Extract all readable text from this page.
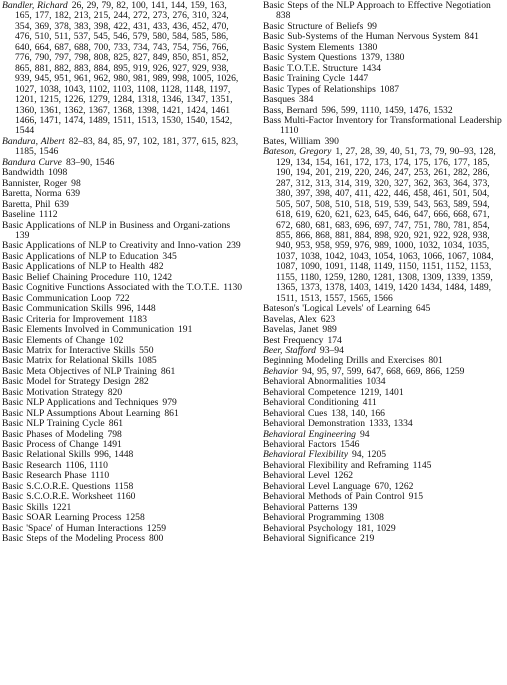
Bandler, Richard 26, 29, 79, 82, 100, 141, 144, 159, 163, 165, 177, 182, 213, 215, 244, 272, 273, 276, 310, 324, 354, 369, 378, 383, 398, 422, 431, 433, 436, 452, 470, 476, 510, 511, 537, 545, 546, 579, 580, 584, 585, 586, 640, 664, 687, 688, 700, 733, 734, 743, 754, 756, 766, 776, 790, 797, 798, 808, 825, 827, 849, 850, 851, 852, 865, 881, 882, 883, 884, 895, 919, 926, 927, 929, 938, 939, 945, 951, 961, 962, 980, 981, 989, 998, 1005, 1026, 1027, 1038, 1043, 1102, 1103, 1108, 1128, 1148, 1197, 1201, 1215, 1226, 1279, 1284, 1318, 1346, 1347, 1351, 1360, 1361, 1362, 1367, 1368, 1398, 1421, 1424, 1461 1466, 1471, 1474, 1489, 1511, 1513, 1530, 1540, 1542, 1544
Bandura, Albert 82–83, 84, 85, 97, 102, 181, 377, 615, 823, 1185, 1546
Bandura Curve 83–90, 1546
Bandwidth 1098
Bannister, Roger 98
Baretta, Norma 639
Baretta, Phil 639
Baseline 1112
Basic Applications of NLP in Business and Organi-zations139
Basic Applications of NLP to Creativity and Inno-vation 239
Basic Applications of NLP to Education 345
Basic Applications of NLP to Health 482
Basic Belief Chaining Procedure 110, 1242
Basic Cognitive Functions Associated with the T.O.T.E. 1130
Basic Communication Loop 722
Basic Communication Skills 996, 1448
Basic Criteria for Improvement 1183
Basic Elements Involved in Communication 191
Basic Elements of Change 102
Basic Matrix for Interactive Skills 550
Basic Matrix for Relational Skills 1085
Basic Meta Objectives of NLP Training 861
Basic Model for Strategy Design 282
Basic Motivation Strategy 820
Basic NLP Applications and Techniques 979
Basic NLP Assumptions About Learning 861
Basic NLP Training Cycle 861
Basic Phases of Modeling 798
Basic Process of Change 1491
Basic Relational Skills 996, 1448
Basic Research 1106, 1110
Basic Research Phase 1110
Basic S.C.O.R.E. Questions 1158
Basic S.C.O.R.E. Worksheet 1160
Basic Skills 1221
Basic SOAR Learning Process 1258
Basic 'Space' of Human Interactions 1259
Basic Steps of the Modeling Process 800
Basic Steps of the NLP Approach to Effective Negotiation838
Basic Structure of Beliefs 99
Basic Sub-Systems of the Human Nervous System 841
Basic System Elements 1380
Basic System Questions 1379, 1380
Basic T.O.T.E. Structure 1434
Basic Training Cycle 1447
Basic Types of Relationships 1087
Basques 384
Bass, Bernard 596, 599, 1110, 1459, 1476, 1532
Bass Multi-Factor Inventory for Transformational Leadership1110
Bates, William 390
Bateson, Gregory 1, 27, 28, 39, 40, 51, 73, 79, 90–93, 128, 129, 134, 154, 161, 172, 173, 174, 175, 176, 177, 185, 190, 194, 201, 219, 220, 246, 247, 253, 261, 282, 286, 287, 312, 313, 314, 319, 320, 327, 362, 363, 364, 373, 380, 397, 398, 407, 411, 422, 446, 458, 461, 501, 504, 505, 507, 508, 510, 518, 519, 539, 543, 563, 589, 594, 618, 619, 620, 621, 623, 645, 646, 647, 666, 668, 671, 672, 680, 681, 683, 696, 697, 747, 751, 780, 781, 854, 855, 866, 868, 881, 884, 898, 920, 921, 922, 928, 938, 940, 953, 958, 959, 976, 989, 1000, 1032, 1034, 1035, 1037, 1038, 1042, 1043, 1054, 1063, 1066, 1067, 1084, 1087, 1090, 1091, 1148, 1149, 1150, 1151, 1152, 1153, 1155, 1180, 1259, 1280, 1281, 1308, 1309, 1339, 1359, 1365, 1373, 1378, 1403, 1419, 1420 1434, 1484, 1489, 1511, 1513, 1557, 1565, 1566
Bateson's 'Logical Levels' of Learning 645
Bavelas, Alex 623
Bavelas, Janet 989
Best Frequency 174
Beer, Stafford 93–94
Beginning Modeling Drills and Exercises 801
Behavior 94, 95, 97, 599, 647, 668, 669, 866, 1259
Behavioral Abnormalities 1034
Behavioral Competence 1219, 1401
Behavioral Conditioning 411
Behavioral Cues 138, 140, 166
Behavioral Demonstration 1333, 1334
Behavioral Engineering 94
Behavioral Factors 1546
Behavioral Flexibility 94, 1205
Behavioral Flexibility and Reframing 1145
Behavioral Level 1262
Behavioral Level Language 670, 1262
Behavioral Methods of Pain Control 915
Behavioral Patterns 139
Behavioral Programming 1308
Behavioral Psychology 181, 1029
Behavioral Significance 219
